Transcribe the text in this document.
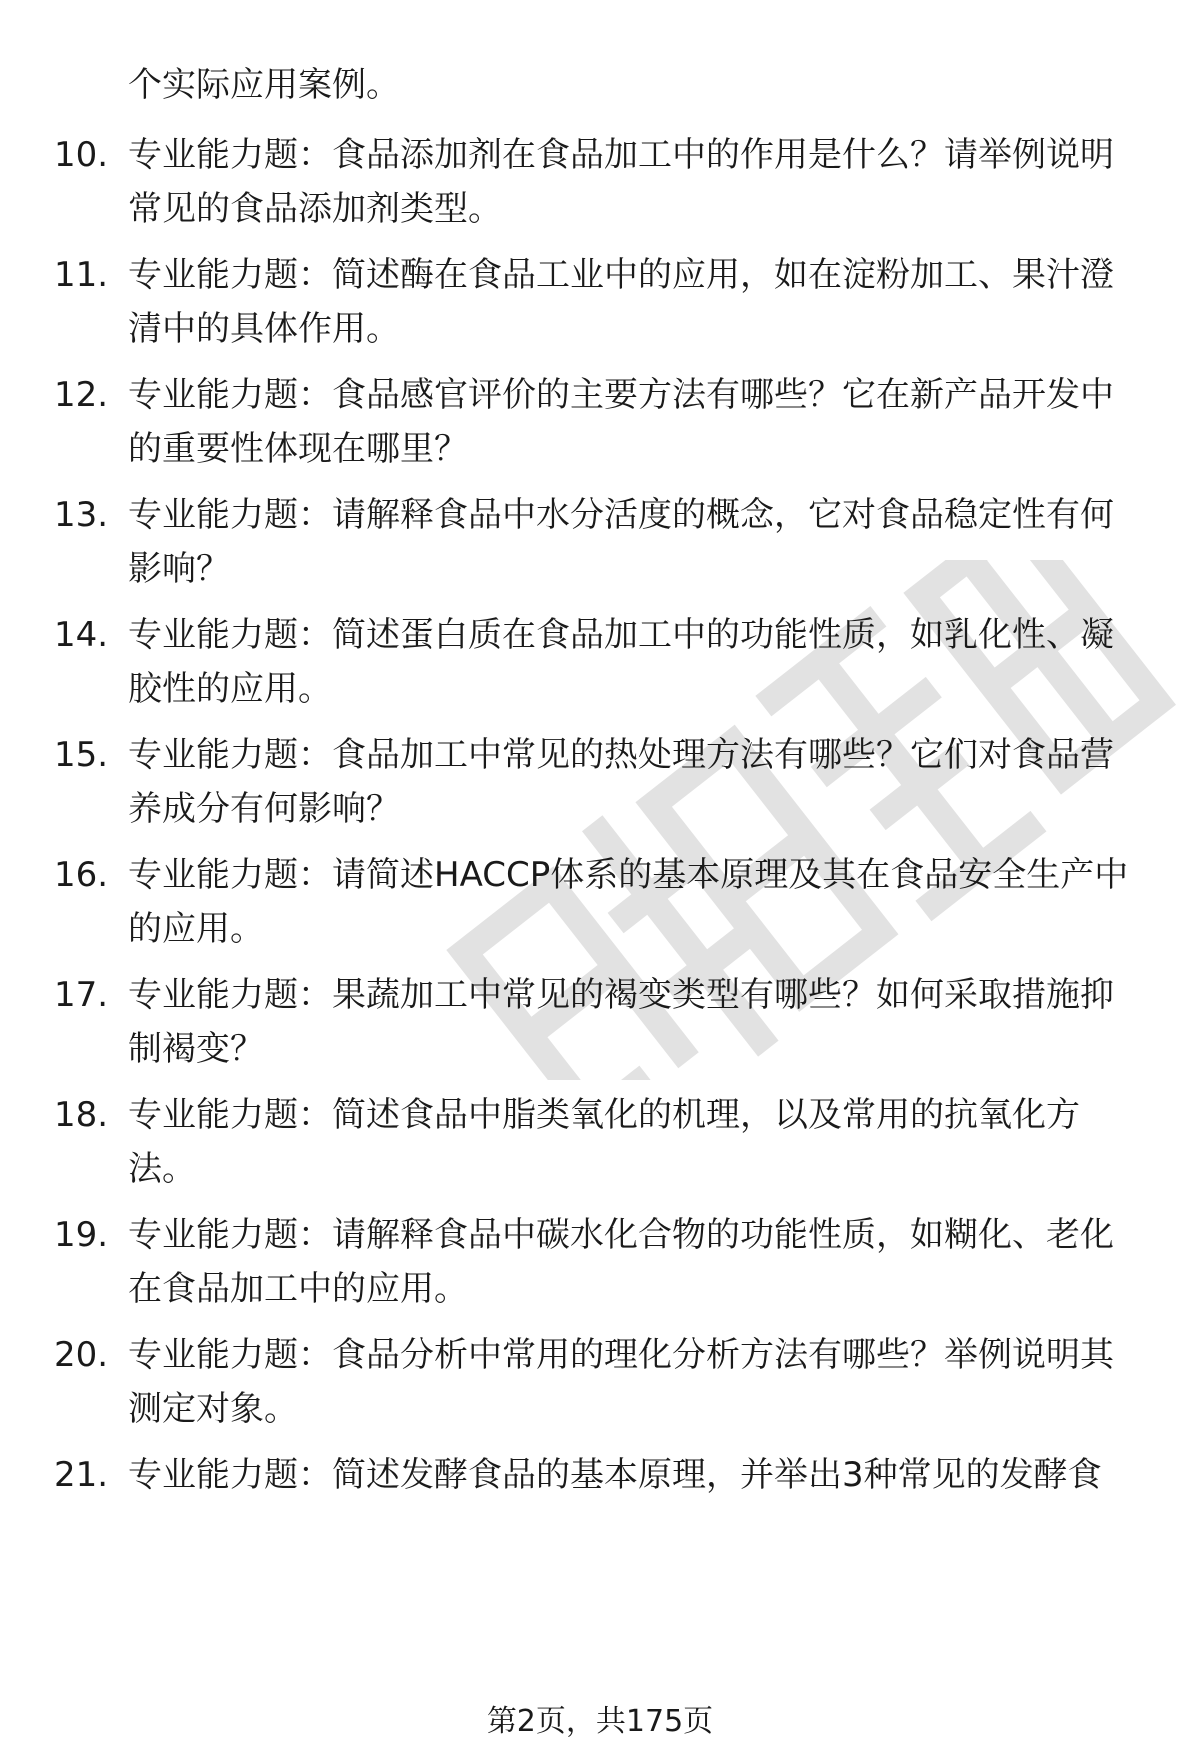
个实际应用案例。
10. 专业能力题：食品添加剂在食品加工中的作用是什么？请举例说明常见的食品添加剂类型。
11. 专业能力题：简述酶在食品工业中的应用，如在淀粉加工、果汁澄清中的具体作用。
12. 专业能力题：食品感官评价的主要方法有哪些？它在新产品开发中的重要性体现在哪里？
13. 专业能力题：请解释食品中水分活度的概念，它对食品稳定性有何影响？
14. 专业能力题：简述蛋白质在食品加工中的功能性质，如乳化性、凝胶性的应用。
15. 专业能力题：食品加工中常见的热处理方法有哪些？它们对食品营养成分有何影响？
16. 专业能力题：请简述HACCP体系的基本原理及其在食品安全生产中的应用。
17. 专业能力题：果蔬加工中常见的褐变类型有哪些？如何采取措施抑制褐变？
18. 专业能力题：简述食品中脂类氧化的机理，以及常用的抗氧化方法。
19. 专业能力题：请解释食品中碳水化合物的功能性质，如糊化、老化在食品加工中的应用。
20. 专业能力题：食品分析中常用的理化分析方法有哪些？举例说明其测定对象。
21. 专业能力题：简述发酵食品的基本原理，并举出3种常见的发酵食
第2页，共175页
